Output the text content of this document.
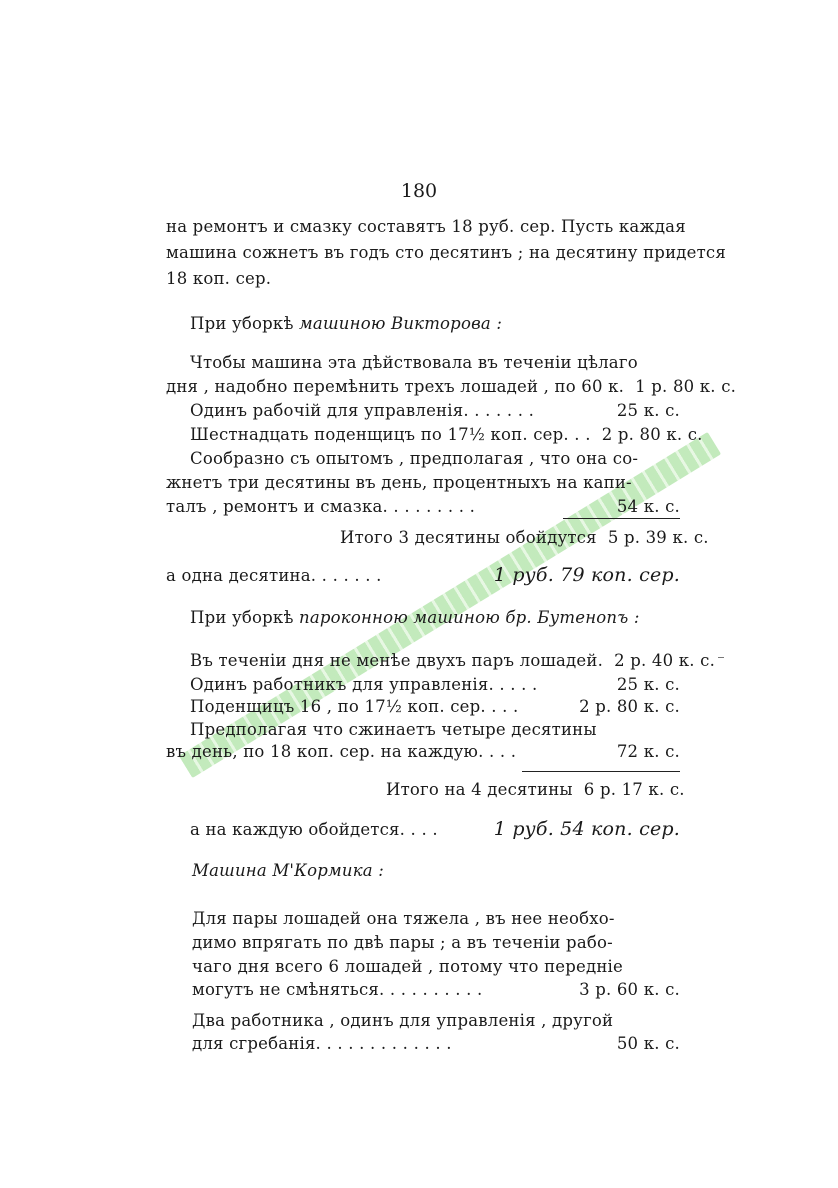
180
на ремонтъ и смазку составятъ 18 руб. сер. Пусть каждая
машина сожнетъ въ годъ сто десятинъ ; на десятину придется
18 коп. сер.
При уборкѣ машиною Викторова :
Чтобы машина эта дѣйствовала въ теченіи цѣлаго
дня , надобно перемѣнить трехъ лошадей , по 60 к. 1 р. 80 к. с.
Одинъ рабочій для управленія. . . . . . .	25 к. с.
Шестнадцать поденщицъ по 17½ коп. сер. . . 2 р. 80 к. с.
Сообразно съ опытомъ , предполагая , что она со-
жнетъ три десятины въ день, процентныхъ на капи-
талъ , ремонтъ и смазка. . . . . . . . .	54 к. с.
Итого 3 десятины обойдутся 5 р. 39 к. с.
а одна десятина. . . . . . .	1 руб. 79 коп. сер.
При уборкѣ пароконною машиною бр. Бутенопъ :
Въ теченіи дня не менѣе двухъ паръ лошадей. 2 р. 40 к. с.
Одинъ работникъ для управленія. . . . .	25 к. с.
Поденщицъ 16 , по 17½ коп. сер. . . .	2 р. 80 к. с.
Предполагая что сжинаетъ четыре десятины
въ день, по 18 коп. сер. на каждую. . . .	72 к. с.
Итого на 4 десятины 6 р. 17 к. с.
а на каждую обойдется. . . .	1 руб. 54 коп. сер.
Машина М'Кормика :
Для пары лошадей она тяжела , въ нее необхо-
димо впрягать по двѣ пары ; а въ теченіи рабо-
чаго дня всего 6 лошадей , потому что передніе
могутъ не смѣняться. . . . . . . . . .	3 р. 60 к. с.
Два работника , одинъ для управленія , другой
для сгребанія. . . . . . . . . . . . .	50 к. с.
